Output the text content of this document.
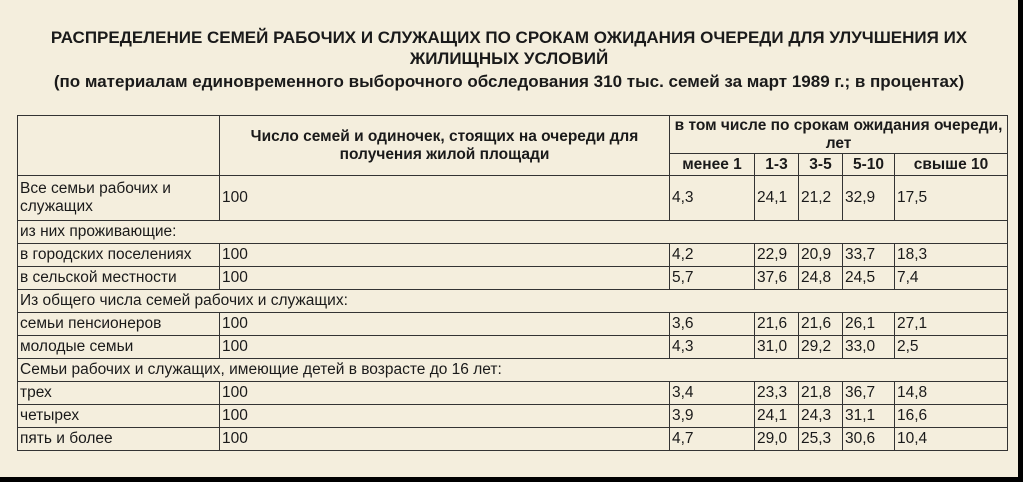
РАСПРЕДЕЛЕНИЕ СЕМЕЙ РАБОЧИХ И СЛУЖАЩИХ ПО СРОКАМ ОЖИДАНИЯ ОЧЕРЕДИ ДЛЯ УЛУЧШЕНИЯ ИХ
ЖИЛИЩНЫХ УСЛОВИЙ
(по материалам единовременного выборочного обследования 310 тыс. семей за март 1989 г.; в процентах)
	Число семей и одиночек, стоящих на очереди для получения жилой площади	в том числе по срокам ожидания очереди, лет				
		менее 1	1-3	3-5	5-10	свыше 10
Все семьи рабочих и служащих	100	4,3	24,1	21,2	32,9	17,5
из них проживающие:						
в городских поселениях	100	4,2	22,9	20,9	33,7	18,3
в сельской местности	100	5,7	37,6	24,8	24,5	7,4
Из общего числа семей рабочих и служащих:						
семьи пенсионеров	100	3,6	21,6	21,6	26,1	27,1
молодые семьи	100	4,3	31,0	29,2	33,0	2,5
Семьи рабочих и служащих, имеющие детей в возрасте до 16 лет:						
трех	100	3,4	23,3	21,8	36,7	14,8
четырех	100	3,9	24,1	24,3	31,1	16,6
пять и более	100	4,7	29,0	25,3	30,6	10,4
